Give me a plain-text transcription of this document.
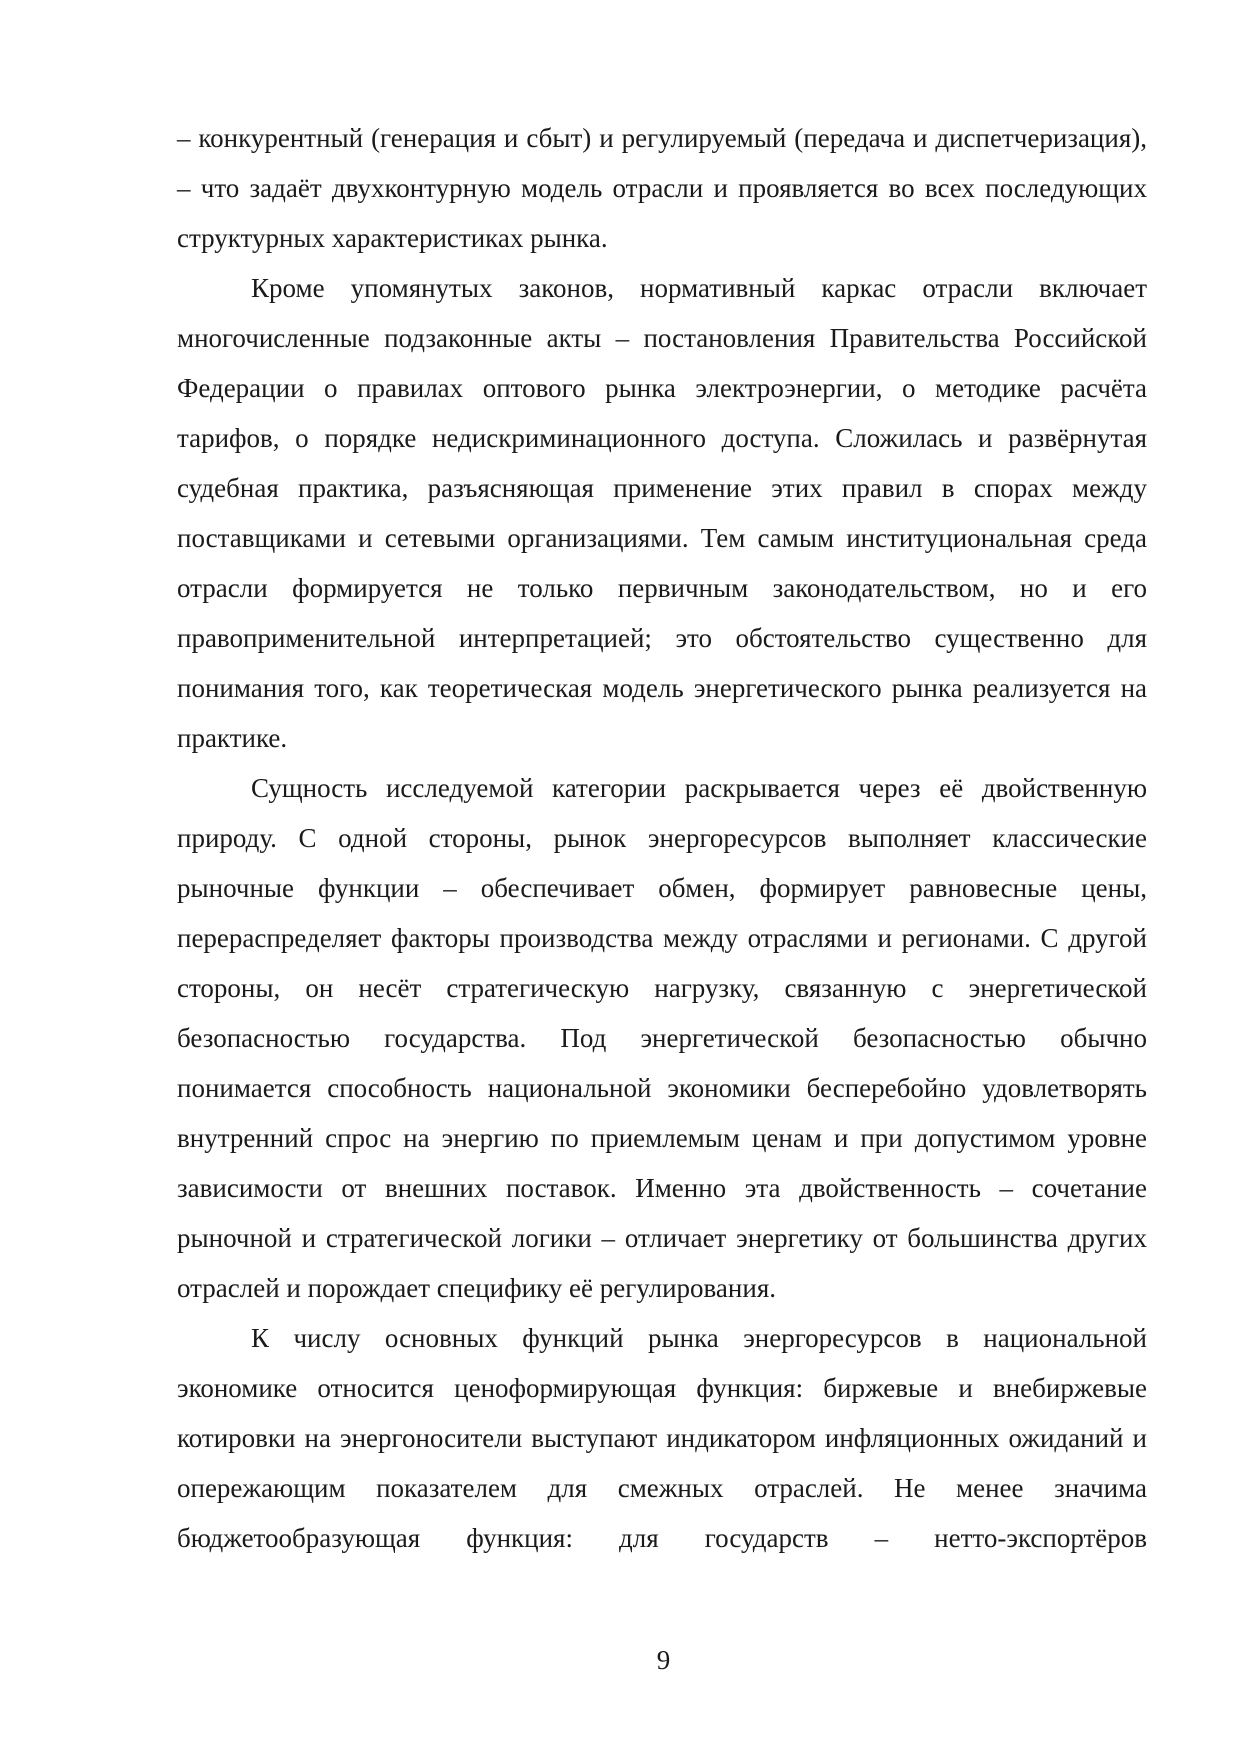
– конкурентный (генерация и сбыт) и регулируемый (передача и диспетчеризация), – что задаёт двухконтурную модель отрасли и проявляется во всех последующих структурных характеристиках рынка.

Кроме упомянутых законов, нормативный каркас отрасли включает многочисленные подзаконные акты – постановления Правительства Российской Федерации о правилах оптового рынка электроэнергии, о методике расчёта тарифов, о порядке недискриминационного доступа. Сложилась и развёрнутая судебная практика, разъясняющая применение этих правил в спорах между поставщиками и сетевыми организациями. Тем самым институциональная среда отрасли формируется не только первичным законодательством, но и его правоприменительной интерпретацией; это обстоятельство существенно для понимания того, как теоретическая модель энергетического рынка реализуется на практике.

Сущность исследуемой категории раскрывается через её двойственную природу. С одной стороны, рынок энергоресурсов выполняет классические рыночные функции – обеспечивает обмен, формирует равновесные цены, перераспределяет факторы производства между отраслями и регионами. С другой стороны, он несёт стратегическую нагрузку, связанную с энергетической безопасностью государства. Под энергетической безопасностью обычно понимается способность национальной экономики бесперебойно удовлетворять внутренний спрос на энергию по приемлемым ценам и при допустимом уровне зависимости от внешних поставок. Именно эта двойственность – сочетание рыночной и стратегической логики – отличает энергетику от большинства других отраслей и порождает специфику её регулирования.

К числу основных функций рынка энергоресурсов в национальной экономике относится ценоформирующая функция: биржевые и внебиржевые котировки на энергоносители выступают индикатором инфляционных ожиданий и опережающим показателем для смежных отраслей. Не менее значима бюджетообразующая функция: для государств – нетто-экспортёров

9
